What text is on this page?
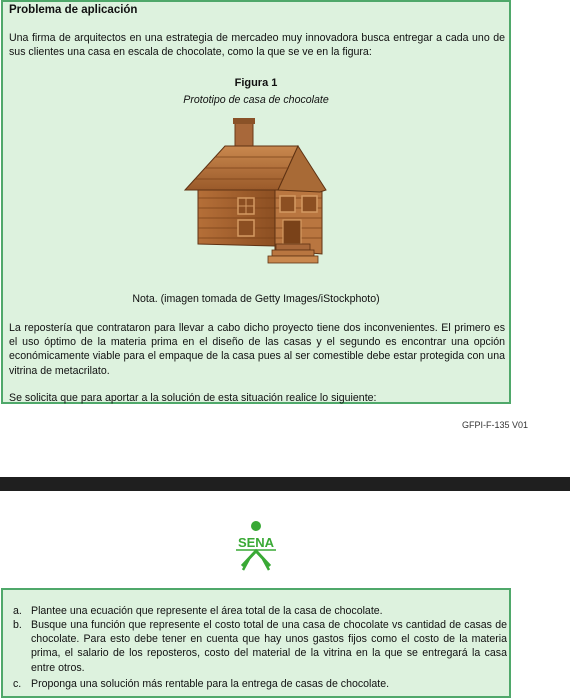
Problema de aplicación
Una firma de arquitectos en una estrategia de mercadeo muy innovadora busca entregar a cada uno de sus clientes una casa en escala de chocolate, como la que se ve en la figura:
Figura 1
Prototipo de casa de chocolate
Nota. (imagen tomada de Getty Images/iStockphoto)
La repostería que contrataron para llevar a cabo dicho proyecto tiene dos inconvenientes. El primero es el uso óptimo de la materia prima en el diseño de las casas y el segundo es encontrar una opción económicamente viable para el empaque de la casa pues al ser comestible debe estar protegida con una vitrina de metacrilato.
Se solicita que para aportar a la solución de esta situación realice lo siguiente:
GFPI-F-135 V01
SENA
a. Plantee una ecuación que represente el área total de la casa de chocolate.
b. Busque una función que represente el costo total de una casa de chocolate vs cantidad de casas de chocolate. Para esto debe tener en cuenta que hay unos gastos fijos como el costo de la materia prima, el salario de los reposteros, costo del material de la vitrina en la que se entregará la casa entre otros.
c. Proponga una solución más rentable para la entrega de casas de chocolate.
